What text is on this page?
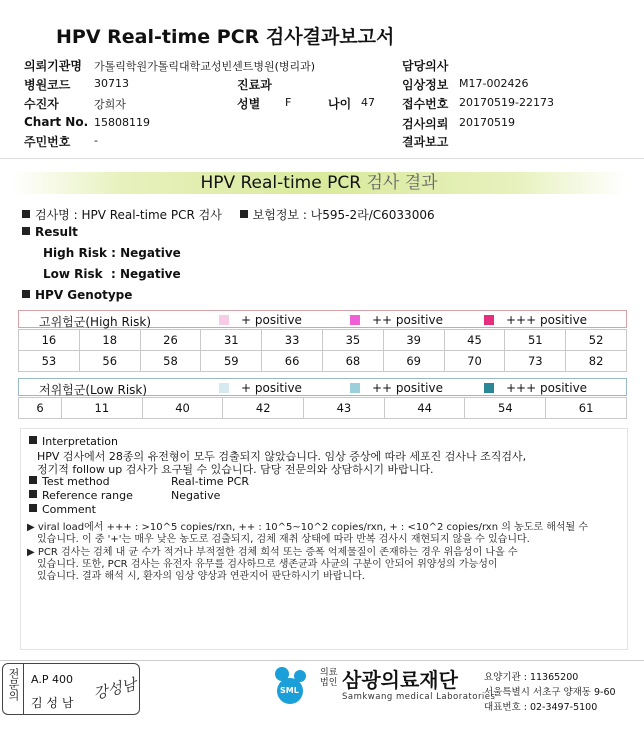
HPV Real-time PCR 검사결과보고서
의뢰기관명 가톨릭학원가톨릭대학교성빈센트병원(병리과)	담당의사
병원코드 30713	진료과	임상정보 M17-002426
수진자	강희자	성별 F	나이 47 접수번호 20170519-22173
Chart No. 15808119	검사의뢰 20170519
주민번호 -	결과보고
HPV Real-time PCR 검사 결과
검사명 : HPV Real-time PCR 검사	보험정보 : 나595-2라/C6033006
Result
High Risk : Negative
Low Risk  : Negative
HPV Genotype
고위험군(High Risk)	+ positive	++ positive	+++ positive
16	18	26	31	33	35	39	45	51	52
53	56	58	59	66	68	69	70	73	82
저위험군(Low Risk)	+ positive	++ positive	+++ positive
6	11	40	42	43	44	54	61
Interpretation
HPV 검사에서 28종의 유전형이 모두 검출되지 않았습니다. 임상 증상에 따라 세포진 검사나 조직검사,
정기적 follow up 검사가 요구될 수 있습니다. 담당 전문의와 상담하시기 바랍니다.
Test method	Real-time PCR
Reference range	Negative
Comment
▶ viral load에서 +++ : >10^5 copies/rxn, ++ : 10^5~10^2 copies/rxn, + : <10^2 copies/rxn 의 농도로 해석될 수
있습니다. 이 중 '+'는 매우 낮은 농도로 검출되지, 검체 재취 상태에 따라 반복 검사시 재현되지 않을 수 있습니다.
▶ PCR 검사는 검체 내 균 수가 적거나 부적절한 검체 희석 또는 증폭 억제물질이 존재하는 경우 위음성이 나올 수
있습니다. 또한, PCR 검사는 유전자 유무를 검사하므로 생존균과 사균의 구분이 안되어 위양성의 가능성이
있습니다. 결과 해석 시, 환자의 임상 양상과 연관지어 판단하시기 바랍니다.
전문의 A.P 400
김 성 남
강성남	SML
의료
법인 삼광의료재단
Samkwang medical Laboratories
요양기관 : 11365200
서울특별시 서초구 양재동 9-60
대표번호 : 02-3497-5100
